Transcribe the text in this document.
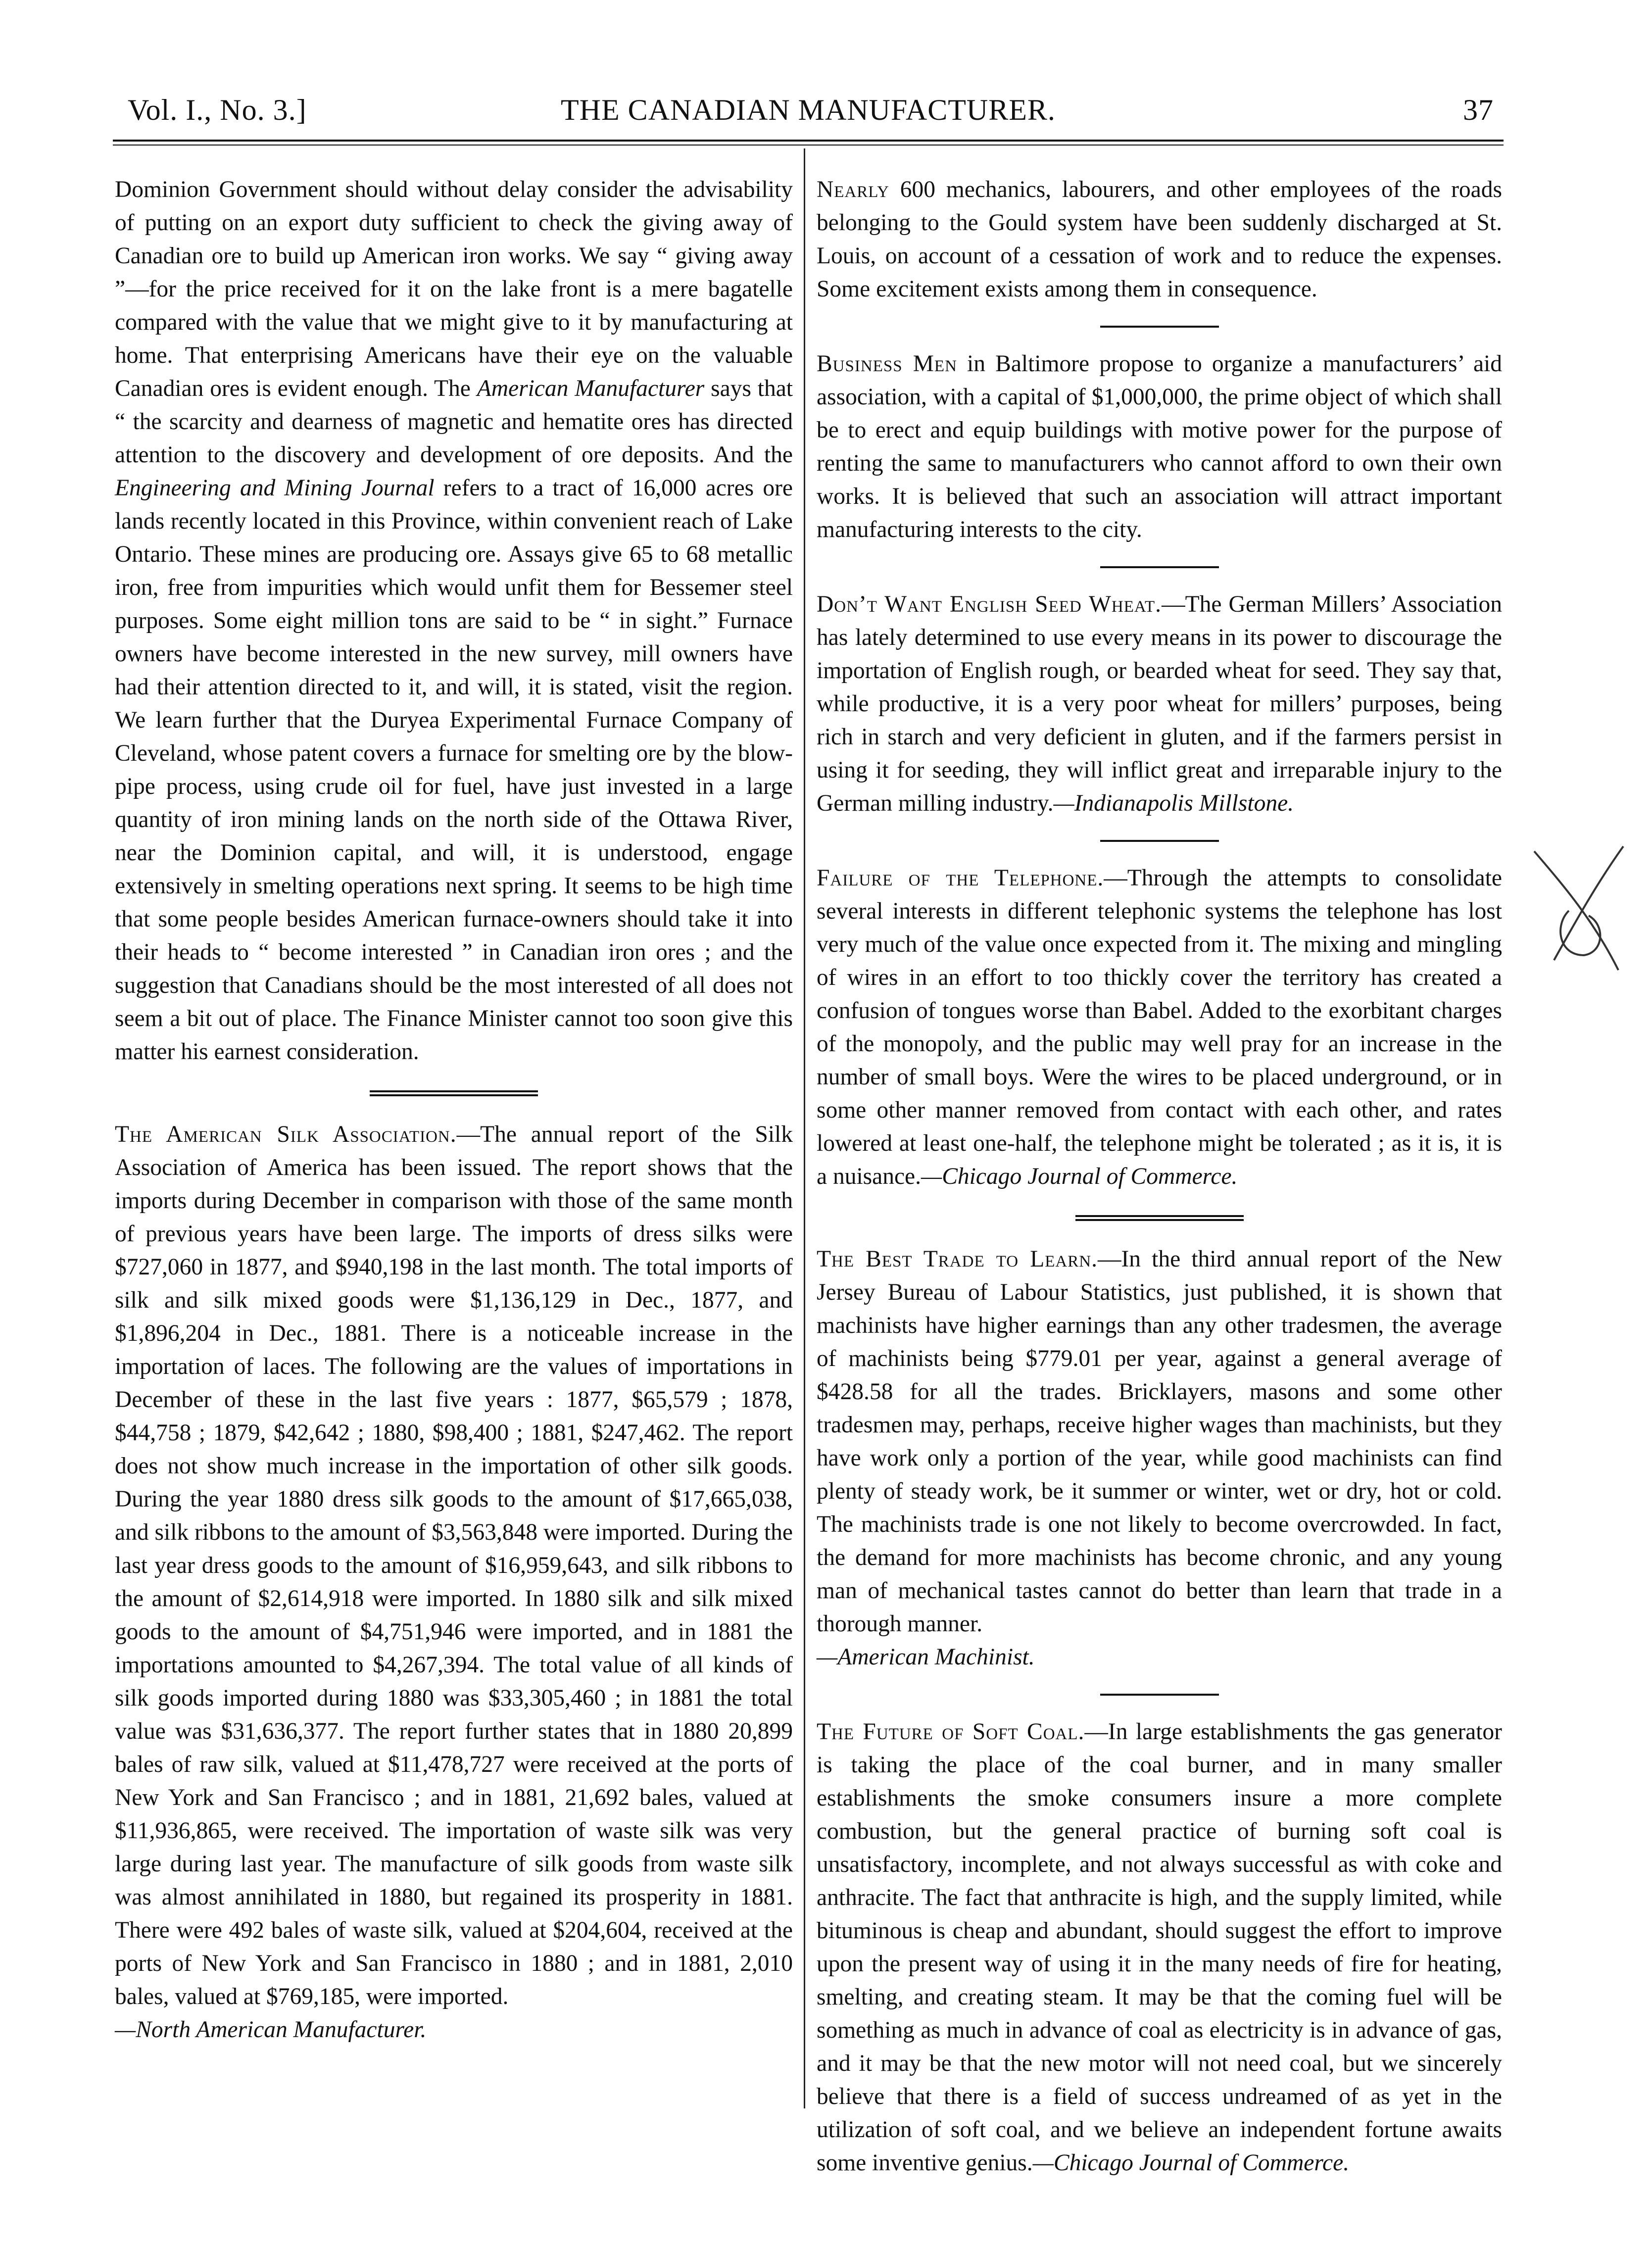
THE CANADIAN MANUFACTURER.
Vol. I., No. 3.]	37

Dominion Government should without delay consider the advisability of putting on an export duty sufficient to check the giving away of Canadian ore to build up American iron works. We say “ giving away ”—for the price received for it on the lake front is a mere bagatelle compared with the value that we might give to it by manufacturing at home. That enterprising Americans have their eye on the valuable Canadian ores is evident enough. The American Manufacturer says that “ the scarcity and dearness of magnetic and hematite ores has directed attention to the discovery and development of ore deposits. And the Engineering and Mining Journal refers to a tract of 16,000 acres ore lands recently located in this Province, within convenient reach of Lake Ontario. These mines are producing ore. Assays give 65 to 68 metallic iron, free from impurities which would unfit them for Bessemer steel purposes. Some eight million tons are said to be “ in sight.” Furnace owners have become interested in the new survey, mill owners have had their attention directed to it, and will, it is stated, visit the region. We learn further that the Duryea Experimental Furnace Company of Cleveland, whose patent covers a furnace for smelting ore by the blow-pipe process, using crude oil for fuel, have just invested in a large quantity of iron mining lands on the north side of the Ottawa River, near the Dominion capital, and will, it is understood, engage extensively in smelting operations next spring. It seems to be high time that some people besides American furnace-owners should take it into their heads to “ become interested ” in Canadian iron ores ; and the suggestion that Canadians should be the most interested of all does not seem a bit out of place. The Finance Minister cannot too soon give this matter his earnest consideration.

The American Silk Association.—The annual report of the Silk Association of America has been issued. The report shows that the imports during December in comparison with those of the same month of previous years have been large. The imports of dress silks were $727,060 in 1877, and $940,198 in the last month. The total imports of silk and silk mixed goods were $1,136,129 in Dec., 1877, and $1,896,204 in Dec., 1881. There is a noticeable increase in the importation of laces. The following are the values of importations in December of these in the last five years : 1877, $65,579 ; 1878, $44,758 ; 1879, $42,642 ; 1880, $98,400 ; 1881, $247,462. The report does not show much increase in the importation of other silk goods. During the year 1880 dress silk goods to the amount of $17,665,038, and silk ribbons to the amount of $3,563,848 were imported. During the last year dress goods to the amount of $16,959,643, and silk ribbons to the amount of $2,614,918 were imported. In 1880 silk and silk mixed goods to the amount of $4,751,946 were imported, and in 1881 the importations amounted to $4,267,394. The total value of all kinds of silk goods imported during 1880 was $33,305,460 ; in 1881 the total value was $31,636,377. The report further states that in 1880 20,899 bales of raw silk, valued at $11,478,727 were received at the ports of New York and San Francisco ; and in 1881, 21,692 bales, valued at $11,936,865, were received. The importation of waste silk was very large during last year. The manufacture of silk goods from waste silk was almost annihilated in 1880, but regained its prosperity in 1881. There were 492 bales of waste silk, valued at $204,604, received at the ports of New York and San Francisco in 1880 ; and in 1881, 2,010 bales, valued at $769,185, were imported.
—North American Manufacturer.

Nearly 600 mechanics, labourers, and other employees of the roads belonging to the Gould system have been suddenly discharged at St. Louis, on account of a cessation of work and to reduce the expenses. Some excitement exists among them in consequence.

Business Men in Baltimore propose to organize a manufacturers’ aid association, with a capital of $1,000,000, the prime object of which shall be to erect and equip buildings with motive power for the purpose of renting the same to manufacturers who cannot afford to own their own works. It is believed that such an association will attract important manufacturing interests to the city.

Don’t Want English Seed Wheat.—The German Millers’ Association has lately determined to use every means in its power to discourage the importation of English rough, or bearded wheat for seed. They say that, while productive, it is a very poor wheat for millers’ purposes, being rich in starch and very deficient in gluten, and if the farmers persist in using it for seeding, they will inflict great and irreparable injury to the German milling industry.—Indianapolis Millstone.

Failure of the Telephone.—Through the attempts to consolidate several interests in different telephonic systems the telephone has lost very much of the value once expected from it. The mixing and mingling of wires in an effort to too thickly cover the territory has created a confusion of tongues worse than Babel. Added to the exorbitant charges of the monopoly, and the public may well pray for an increase in the number of small boys. Were the wires to be placed underground, or in some other manner removed from contact with each other, and rates lowered at least one-half, the telephone might be tolerated ; as it is, it is a nuisance.—Chicago Journal of Commerce.

The Best Trade to Learn.—In the third annual report of the New Jersey Bureau of Labour Statistics, just published, it is shown that machinists have higher earnings than any other tradesmen, the average of machinists being $779.01 per year, against a general average of $428.58 for all the trades. Bricklayers, masons and some other tradesmen may, perhaps, receive higher wages than machinists, but they have work only a portion of the year, while good machinists can find plenty of steady work, be it summer or winter, wet or dry, hot or cold. The machinists trade is one not likely to become overcrowded. In fact, the demand for more machinists has become chronic, and any young man of mechanical tastes cannot do better than learn that trade in a thorough manner.
—American Machinist.

The Future of Soft Coal.—In large establishments the gas generator is taking the place of the coal burner, and in many smaller establishments the smoke consumers insure a more complete combustion, but the general practice of burning soft coal is unsatisfactory, incomplete, and not always successful as with coke and anthracite. The fact that anthracite is high, and the supply limited, while bituminous is cheap and abundant, should suggest the effort to improve upon the present way of using it in the many needs of fire for heating, smelting, and creating steam. It may be that the coming fuel will be something as much in advance of coal as electricity is in advance of gas, and it may be that the new motor will not need coal, but we sincerely believe that there is a field of success undreamed of as yet in the utilization of soft coal, and we believe an independent fortune awaits some inventive genius.—Chicago Journal of Commerce.
